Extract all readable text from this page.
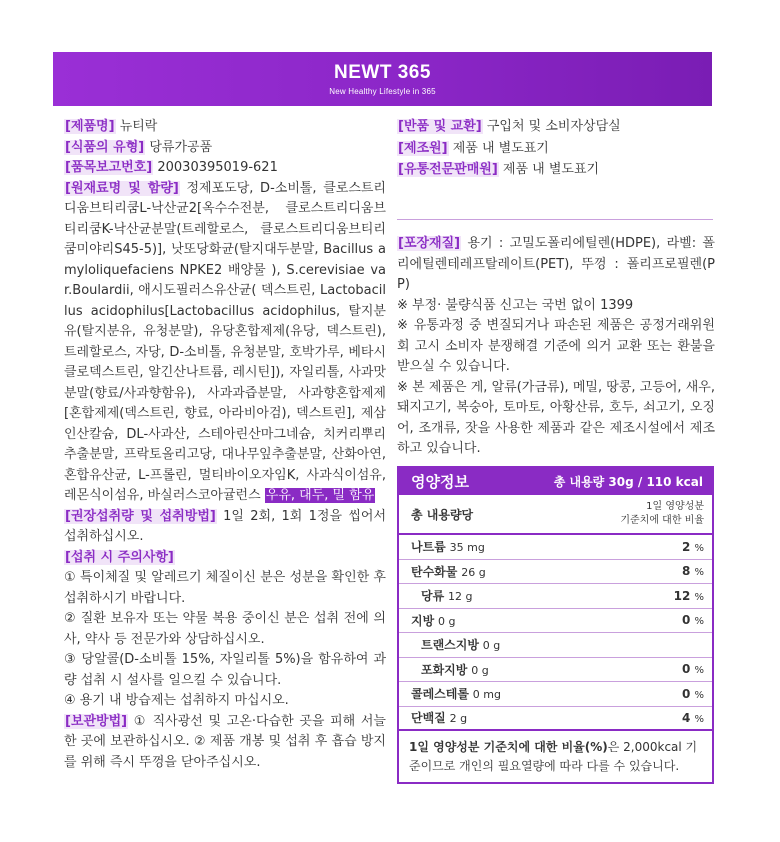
NEWT 365
New Healthy Lifestyle in 365

[제품명] 뉴티락

[식품의 유형] 당류가공품

[품목보고번호] 20030395019-621

[원재료명 및 함량] 정제포도당, D-소비톨, 클로스트리디움브티리쿰L-낙산균2[옥수수전분, 클로스트리디움브티리쿰K-낙산균분말(트레할로스, 클로스트리디움브티리쿰미야리S45-5)], 낫또당화균(탈지대두분말, Bacillus amyloliquefaciens NPKE2 배양물 ), S.cerevisiae var.Boulardii, 애시도필러스유산균( 덱스트린, Lactobacillus acidophilus[Lactobacillus acidophilus, 탈지분유(탈지분유, 유청분말), 유당혼합제제(유당, 덱스트린), 트레할로스, 자당, D-소비톨, 유청분말, 호박가루, 베타시클로덱스트린, 알긴산나트륨, 레시틴]), 자일리톨, 사과맛분말(향료/사과향함유), 사과과즙분말, 사과향혼합제제[혼합제제(덱스트린, 향료, 아라비아검), 덱스트린], 제삼인산칼슘, DL-사과산, 스테아린산마그네슘, 치커리뿌리추출분말, 프락토올리고당, 대나무잎추출분말, 산화아연, 혼합유산균, L-프롤린, 멀티바이오자임K, 사과식이섬유, 레몬식이섬유, 바실러스코아귤런스 우유, 대두, 밀 함유

[권장섭취량 및 섭취방법] 1일 2회, 1회 1정을 씹어서 섭취하십시오.

[섭취 시 주의사항]

① 특이체질 및 알레르기 체질이신 분은 성분을 확인한 후 섭취하시기 바랍니다.

② 질환 보유자 또는 약물 복용 중이신 분은 섭취 전에 의사, 약사 등 전문가와 상담하십시오.

③ 당알콜(D-소비톨 15%, 자일리톨 5%)을 함유하여 과량 섭취 시 설사를 일으킬 수 있습니다.

④ 용기 내 방습제는 섭취하지 마십시오.

[보관방법] ① 직사광선 및 고온·다습한 곳을 피해 서늘한 곳에 보관하십시오. ② 제품 개봉 및 섭취 후 흡습 방지를 위해 즉시 뚜껑을 닫아주십시오.

[반품 및 교환] 구입처 및 소비자상담실

[제조원] 제품 내 별도표기

[유통전문판매원] 제품 내 별도표기

[포장재질] 용기 : 고밀도폴리에틸렌(HDPE), 라벨: 폴리에틸렌테레프탈레이트(PET), 뚜껑 : 폴리프로필렌(PP)

※ 부정· 불량식품 신고는 국번 없이 1399

※ 유통과정 중 변질되거나 파손된 제품은 공정거래위원회 고시 소비자 분쟁해결 기준에 의거 교환 또는 환불을 받으실 수 있습니다.

※ 본 제품은 게, 알류(가금류), 메밀, 땅콩, 고등어, 새우, 돼지고기, 복숭아, 토마토, 아황산류, 호두, 쇠고기, 오징어, 조개류, 잣을 사용한 제품과 같은 제조시설에서 제조하고 있습니다.

영양정보	총 내용량 30g / 110 kcal
총 내용량당
1일 영양성분
기준치에 대한 비율
나트륨 35 mg	2 %
탄수화물 26 g	8 %
당류 12 g	12 %
지방 0 g	0 %
트랜스지방 0 g
포화지방 0 g	0 %
콜레스테롤 0 mg	0 %
단백질 2 g	4 %
1일 영양성분 기준치에 대한 비율(%)은 2,000kcal 기준이므로 개인의 필요열량에 따라 다를 수 있습니다.
